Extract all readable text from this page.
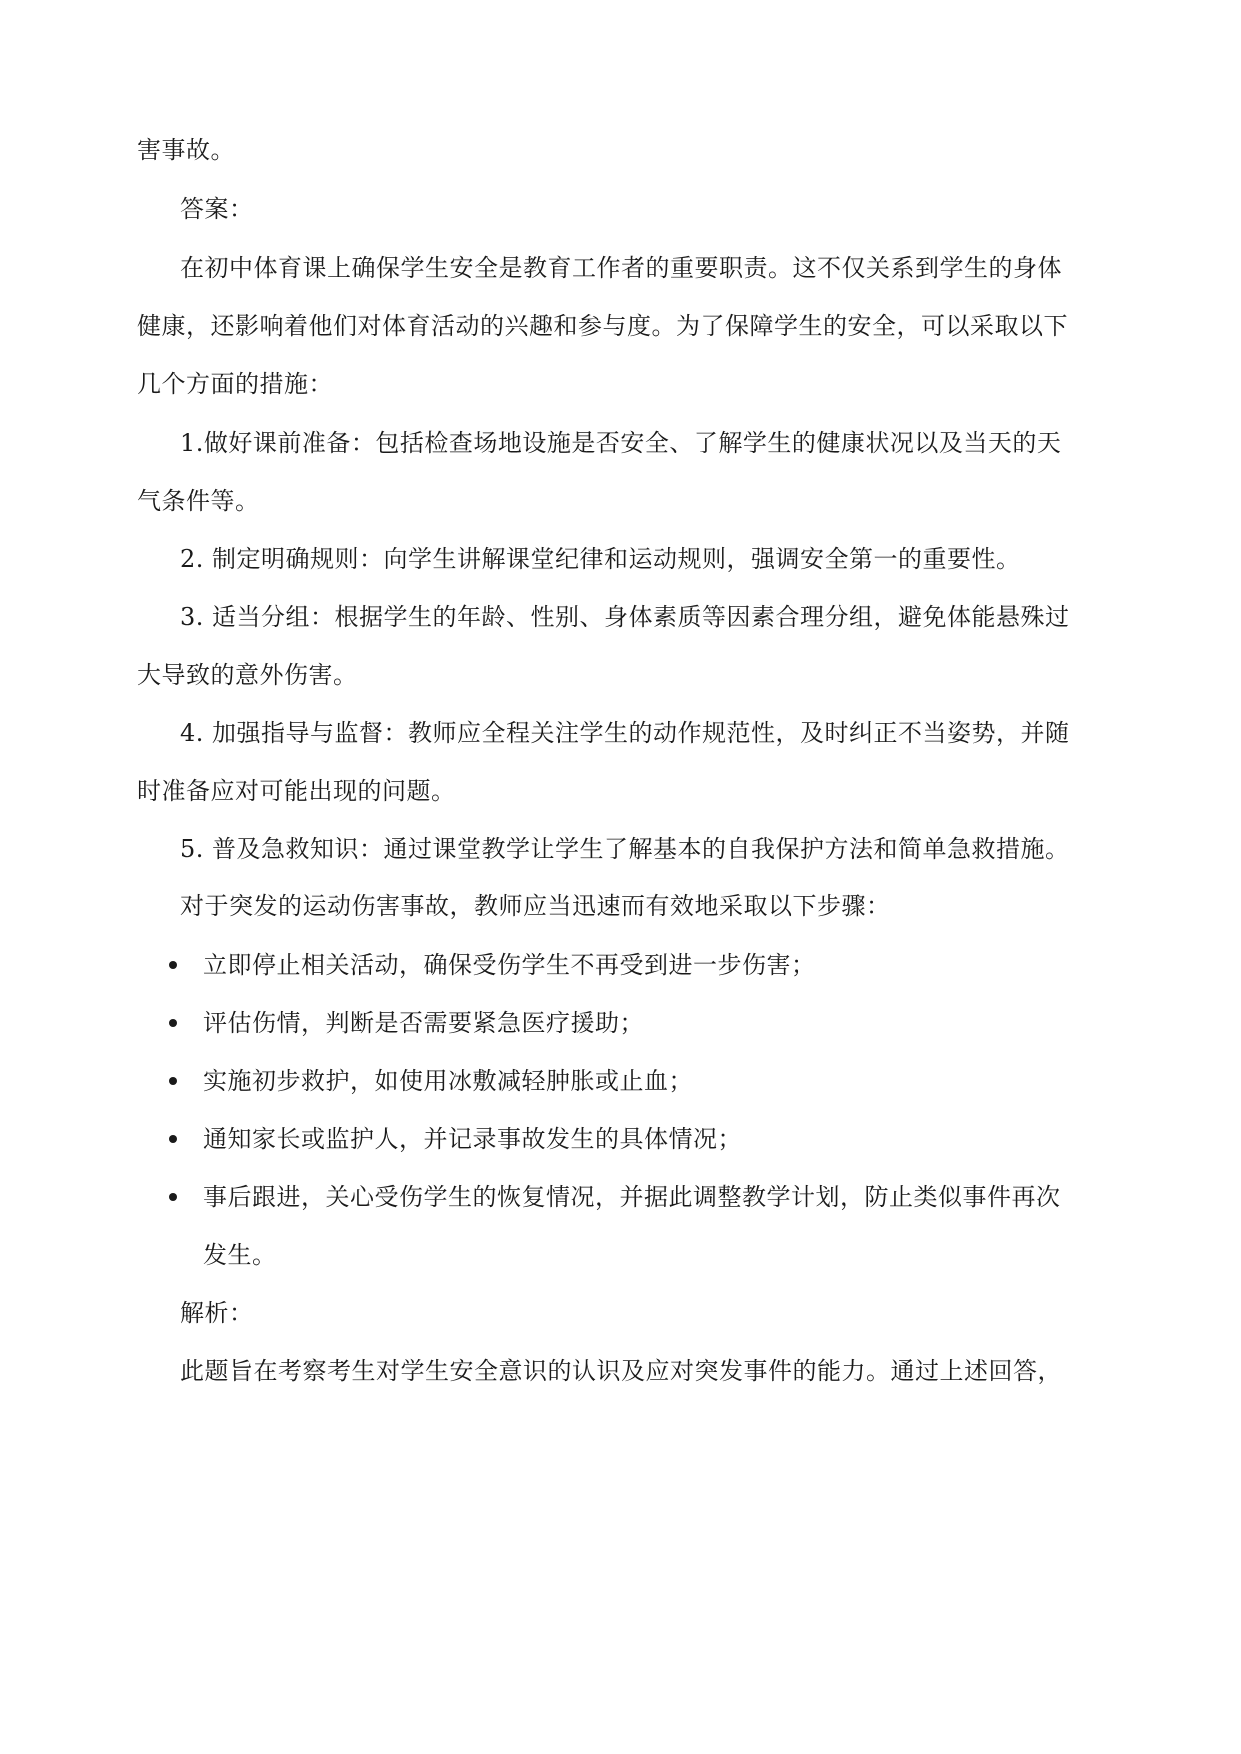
害事故。
答案：
在初中体育课上确保学生安全是教育工作者的重要职责。这不仅关系到学生的身体
健康，还影响着他们对体育活动的兴趣和参与度。为了保障学生的安全，可以采取以下
几个方面的措施：
1.做好课前准备：包括检查场地设施是否安全、了解学生的健康状况以及当天的天
气条件等。
2. 制定明确规则：向学生讲解课堂纪律和运动规则，强调安全第一的重要性。
3. 适当分组：根据学生的年龄、性别、身体素质等因素合理分组，避免体能悬殊过
大导致的意外伤害。
4. 加强指导与监督：教师应全程关注学生的动作规范性，及时纠正不当姿势，并随
时准备应对可能出现的问题。
5. 普及急救知识：通过课堂教学让学生了解基本的自我保护方法和简单急救措施。
对于突发的运动伤害事故，教师应当迅速而有效地采取以下步骤：
立即停止相关活动，确保受伤学生不再受到进一步伤害；
评估伤情，判断是否需要紧急医疗援助；
实施初步救护，如使用冰敷减轻肿胀或止血；
通知家长或监护人，并记录事故发生的具体情况；
事后跟进，关心受伤学生的恢复情况，并据此调整教学计划，防止类似事件再次
发生。
解析：
此题旨在考察考生对学生安全意识的认识及应对突发事件的能力。通过上述回答，
